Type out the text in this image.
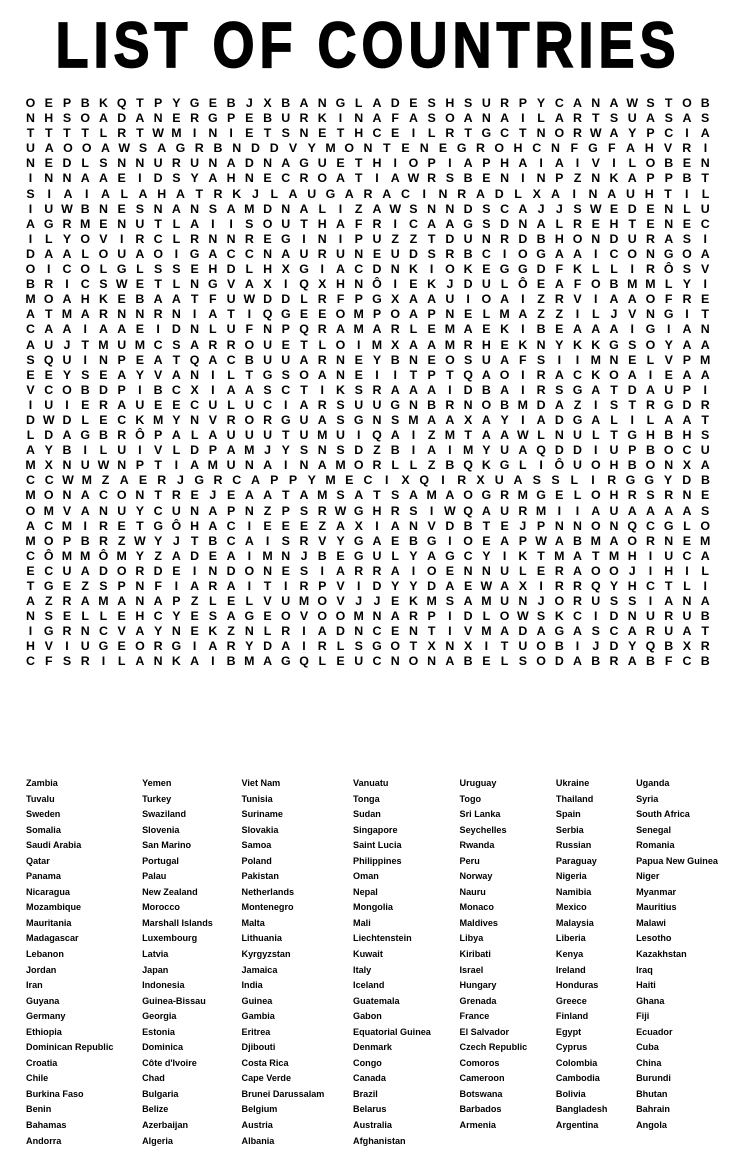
LIST OF COUNTRIES
O E P B K Q T P Y G E B J X B A N G L A D E S H S U R P Y C A N A W S T O B
N H S O A D A N E R G P E B U R K I N A F A S O A N A I	L A R T S U A S A S
T T T T L R T W M I N I E T S N E T H C E I	L R T G C T N O R W A Y P C I A
U A O O A W S A G R B N D D V Y M O N T E N E G R O H C N F G F A H V R	I
N E D L S N N U R U N A D N A G U E T H I O P I A P H A I A I V I	L O B E N
I N N A A E I D S Y A H N E C R O A T	I A W R S B E N I N P Z N K A P P B T
S	I	A	I	A L A H A T R K J L A U G A R A C	I	N R A D L X A	I	N A U H T	I	L
I U W B N E S N A N S A M D N A L	I	Z A W S N N D S C A J J S W E D E N L U
A G R M E N U T L A I	I S O U T H A F R I C A A G S D N A L R E H T E N E C
I	L Y O V I R C L R N N R E G I N I P U Z Z T D U N R D B H O N D U R A S I
D A A L O U A O I G A C C N A U R U N E U D S R B C I O G A A I C O N G O A
O I C O L G L S S E H D L H X G I A C D N K I O K E G G D F K L L	I R Ô S V
B R I C S W E T L N G V A X I Q X H N Ô I E K J D U L Ô E A F O B M M L Y I
M O A H K E B A A T F U W D D L R F P G X A A U I O A I	Z R V I A A O F R E
A T M A R N N R N I A T	I Q G E E O M P O A P N E L M A Z Z	I	L J V N G I	T
C A A I A A E I D N L U F N P Q R A M A R L E M A E K I B E A A A I G I A N
A U J T M U M C S A R R O U E T L O I M X A A M R H E K N Y K K G S O Y A A
S Q U I N P E A T Q A C B U U A R N E Y B N E O S U A F S I	I M N E L V P M
E E Y S E A Y V A N I	L T G S O A N E I	I	T P T Q A O I R A C K O A I E A A
V C O B D P I B C X I A A S C T	I K S R A A A I D B A I R S G A T D A U P I
I U I E R A U E E C U L U C I A R S U U G N B R N O B M D A Z	I S T R G D R
D W D L E C K M Y N V R O R G U A S G N S M A A X A Y I A D G A L	I	L A A T
L D A G B R Ô P A L A U U U T U M U I Q A I	Z M T A A W L N U L T G H B H S
A Y B I	L U I V L D P A M J Y S N S D Z B I A I M Y U A Q D D I U P B O C U
M X N U W N P T	I A M U N A I N A M O R L L Z B Q K G L	I Ô U O H B O N X A
C C W M Z A E R J G R C A P P Y M E C	I	X Q I	R X U A S S L	I	R G G Y D B
M O N A C O N T R E J E A A T A M S A T S A M A O G R M G E L O H R S R N E
O M V A N U Y C U N A P N Z P S R W G H R S I W Q A U R M I	I A U A A A A S
A C M I R E T G Ô H A C I E E E Z A X I A N V D B T E J P N N O N Q C G L O
M O P B R Z W Y J T B C A I S R V Y G A E B G I O E A P W A B M A O R N E M
C Ô M M Ô M Y Z A D E A I M N J B E G U L Y A G C Y I K T M A T M H I U C A
E C U A D O R D E I N D O N E S I A R R A I O E N N U L E R A O O J	I H I	L
T G E Z S P N F	I A R A I	T	I R P V I D Y Y D A E W A X I R R Q Y H C T L	I
A Z R A M A N A P Z L E L V U M O V J J E K M S A M U N J O R U S S I A N A
N S E L L E H C Y E S A G E O V O O M N A R P I D L O W S K C I D N U R U B
I G R N C V A Y N E K Z N L R I A D N C E N T	I V M A D A G A S C A R U A T
H V I U G E O R G I A R Y D A I R L S G O T X N X I	T U O B I	J D Y Q B X R
C F S R I	L A N K A I B M A G Q L E U C N O N A B E L S O D A B R A B F C B
Zambia
Tuvalu
Sweden
Somalia
Saudi Arabia
Qatar
Panama
Nicaragua
Mozambique
Mauritania
Madagascar
Lebanon
Jordan
Iran
Guyana
Germany
Ethiopia
Dominican Republic
Croatia
Chile
Burkina Faso
Benin
Bahamas
Andorra
Yemen
Turkey
Swaziland
Slovenia
San Marino
Portugal
Palau
New Zealand
Morocco
Marshall Islands
Luxembourg
Latvia
Japan
Indonesia
Guinea-Bissau
Georgia
Estonia
Dominica
Côte d'Ivoire
Chad
Bulgaria
Belize
Azerbaijan
Algeria
Viet Nam
Tunisia
Suriname
Slovakia
Samoa
Poland
Pakistan
Netherlands
Montenegro
Malta
Lithuania
Kyrgyzstan
Jamaica
India
Guinea
Gambia
Eritrea
Djibouti
Costa Rica
Cape Verde
Brunei Darussalam
Belgium
Austria
Albania
Vanuatu
Tonga
Sudan
Singapore
Saint Lucia
Philippines
Oman
Nepal
Mongolia
Mali
Liechtenstein
Kuwait
Italy
Iceland
Guatemala
Gabon
Equatorial Guinea
Denmark
Congo
Canada
Brazil
Belarus
Australia
Afghanistan
Uruguay
Togo
Sri Lanka
Seychelles
Rwanda
Peru
Norway
Nauru
Monaco
Maldives
Libya
Kiribati
Israel
Hungary
Grenada
France
El Salvador
Czech Republic
Comoros
Cameroon
Botswana
Barbados
Armenia
Ukraine
Thailand
Spain
Serbia
Russian
Paraguay
Nigeria
Namibia
Mexico
Malaysia
Liberia
Kenya
Ireland
Honduras
Greece
Finland
Egypt
Cyprus
Colombia
Cambodia
Bolivia
Bangladesh
Argentina
Uganda
Syria
South Africa
Senegal
Romania
Papua New Guinea
Niger
Myanmar
Mauritius
Malawi
Lesotho
Kazakhstan
Iraq
Haiti
Ghana
Fiji
Ecuador
Cuba
China
Burundi
Bhutan
Bahrain
Angola
